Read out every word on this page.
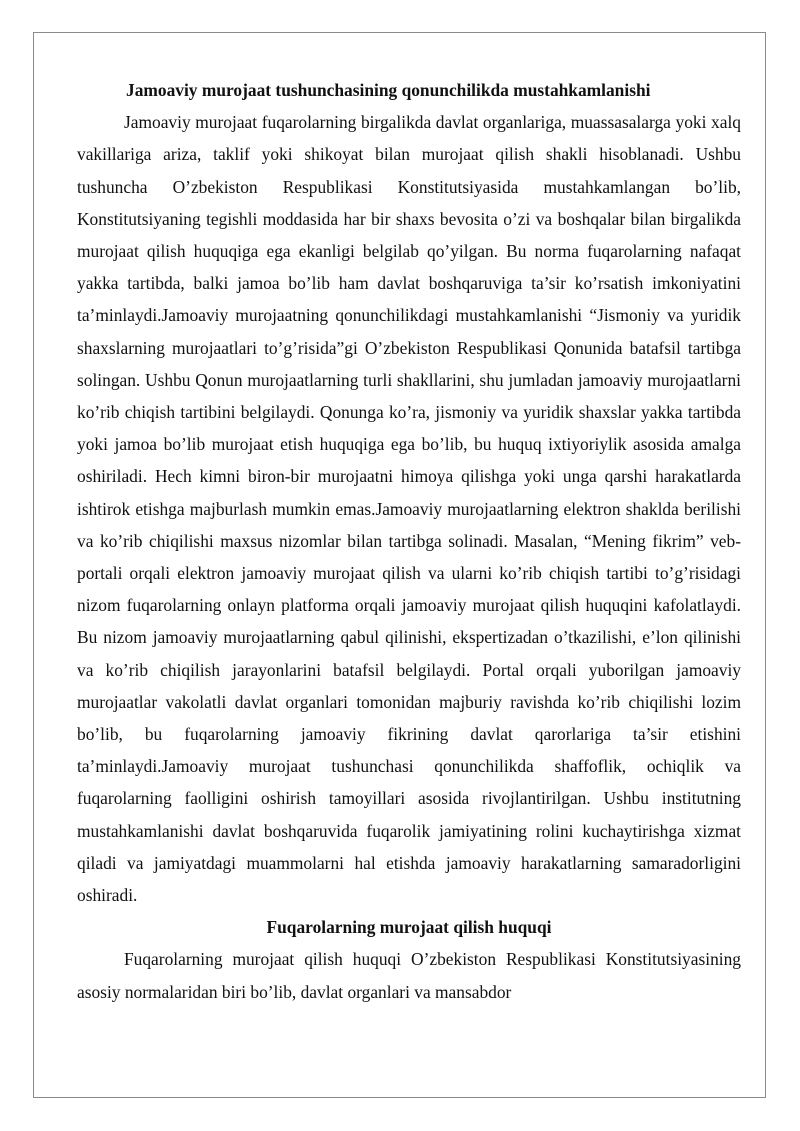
Jamoaviy murojaat tushunchasining qonunchilikda mustahkamlanishi

Jamoaviy murojaat fuqarolarning birgalikda davlat organlariga, muassasalarga yoki xalq vakillariga ariza, taklif yoki shikoyat bilan murojaat qilish shakli hisoblanadi. Ushbu tushuncha O’zbekiston Respublikasi Konstitutsiyasida mustahkamlangan bo’lib, Konstitutsiyaning tegishli moddasida har bir shaxs bevosita o’zi va boshqalar bilan birgalikda murojaat qilish huquqiga ega ekanligi belgilab qo’yilgan. Bu norma fuqarolarning nafaqat yakka tartibda, balki jamoa bo’lib ham davlat boshqaruviga ta’sir ko’rsatish imkoniyatini ta’minlaydi.Jamoaviy murojaatning qonunchilikdagi mustahkamlanishi “Jismoniy va yuridik shaxslarning murojaatlari to’g’risida”gi O’zbekiston Respublikasi Qonunida batafsil tartibga solingan. Ushbu Qonun murojaatlarning turli shakllarini, shu jumladan jamoaviy murojaatlarni ko’rib chiqish tartibini belgilaydi. Qonunga ko’ra, jismoniy va yuridik shaxslar yakka tartibda yoki jamoa bo’lib murojaat etish huquqiga ega bo’lib, bu huquq ixtiyoriylik asosida amalga oshiriladi. Hech kimni biron-bir murojaatni himoya qilishga yoki unga qarshi harakatlarda ishtirok etishga majburlash mumkin emas.Jamoaviy murojaatlarning elektron shaklda berilishi va ko’rib chiqilishi maxsus nizomlar bilan tartibga solinadi. Masalan, “Mening fikrim” veb-portali orqali elektron jamoaviy murojaat qilish va ularni ko’rib chiqish tartibi to’g’risidagi nizom fuqarolarning onlayn platforma orqali jamoaviy murojaat qilish huquqini kafolatlaydi. Bu nizom jamoaviy murojaatlarning qabul qilinishi, ekspertizadan o’tkazilishi, e’lon qilinishi va ko’rib chiqilish jarayonlarini batafsil belgilaydi. Portal orqali yuborilgan jamoaviy murojaatlar vakolatli davlat organlari tomonidan majburiy ravishda ko’rib chiqilishi lozim bo’lib, bu fuqarolarning jamoaviy fikrining davlat qarorlariga ta’sir etishini ta’minlaydi.Jamoaviy murojaat tushunchasi qonunchilikda shaffoflik, ochiqlik va fuqarolarning faolligini oshirish tamoyillari asosida rivojlantirilgan. Ushbu institutning mustahkamlanishi davlat boshqaruvida fuqarolik jamiyatining rolini kuchaytirishga xizmat qiladi va jamiyatdagi muammolarni hal etishda jamoaviy harakatlarning samaradorligini oshiradi.

Fuqarolarning murojaat qilish huquqi

Fuqarolarning murojaat qilish huquqi O’zbekiston Respublikasi Konstitutsiyasining asosiy normalaridan biri bo’lib, davlat organlari va mansabdor
